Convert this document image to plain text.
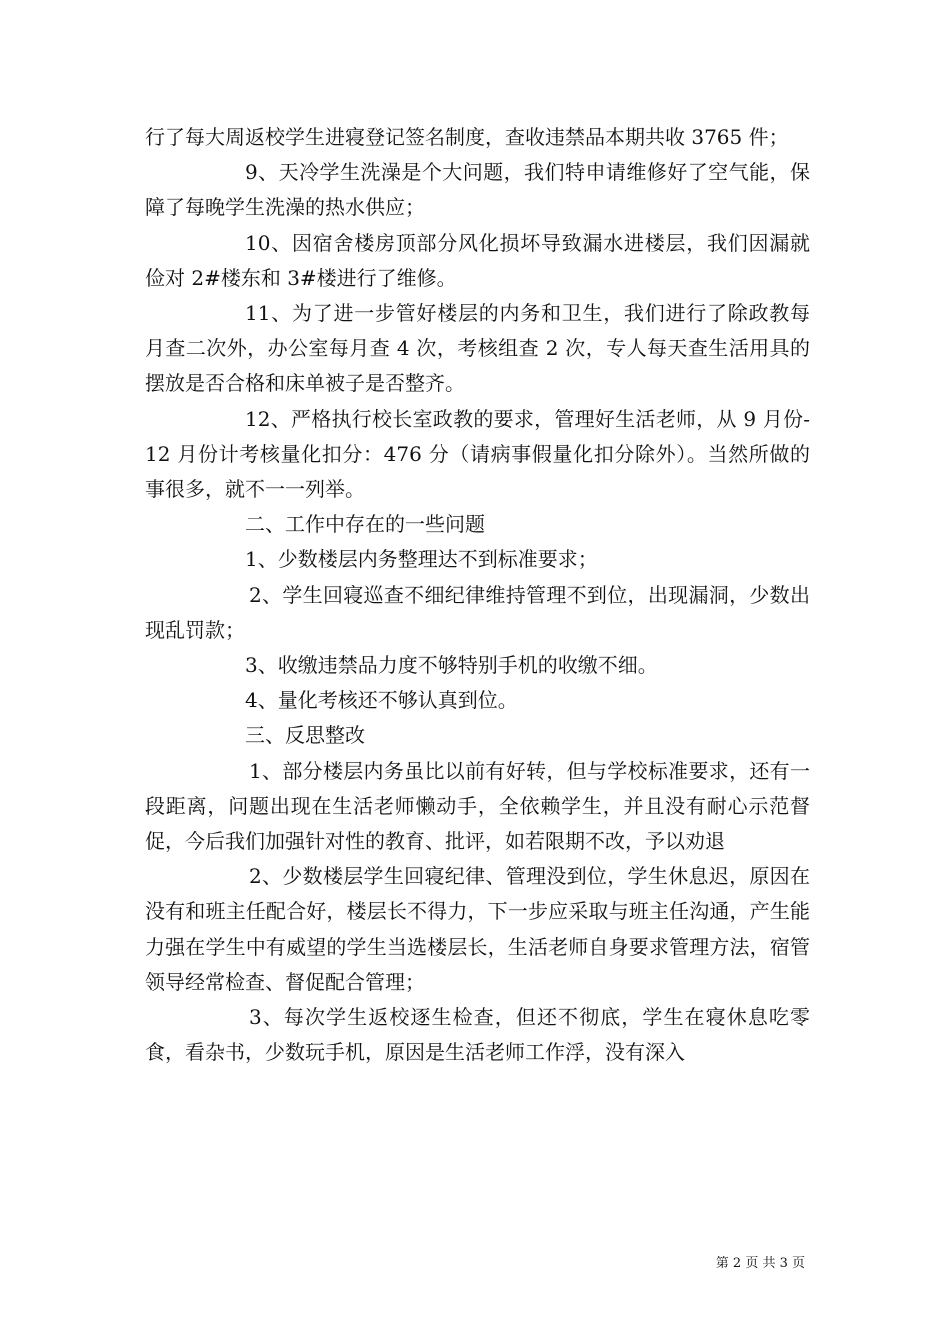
行了每大周返校学生进寝登记签名制度，查收违禁品本期共收 3765 件；

9、天冷学生洗澡是个大问题，我们特申请维修好了空气能，保障了每晚学生洗澡的热水供应；

10、因宿舍楼房顶部分风化损坏导致漏水进楼层，我们因漏就俭对 2#楼东和 3#楼进行了维修。

11、为了进一步管好楼层的内务和卫生，我们进行了除政教每月查二次外，办公室每月查 4 次，考核组查 2 次，专人每天查生活用具的摆放是否合格和床单被子是否整齐。

12、严格执行校长室政教的要求，管理好生活老师，从 9 月份-12 月份计考核量化扣分：476 分（请病事假量化扣分除外）。当然所做的事很多，就不一一列举。

二、工作中存在的一些问题

1、少数楼层内务整理达不到标准要求；

2、学生回寝巡查不细纪律维持管理不到位，出现漏洞，少数出现乱罚款；

3、收缴违禁品力度不够特别手机的收缴不细。

4、量化考核还不够认真到位。

三、反思整改

1、部分楼层内务虽比以前有好转，但与学校标准要求，还有一段距离，问题出现在生活老师懒动手，全依赖学生，并且没有耐心示范督促，今后我们加强针对性的教育、批评，如若限期不改，予以劝退

2、少数楼层学生回寝纪律、管理没到位，学生休息迟，原因在没有和班主任配合好，楼层长不得力，下一步应采取与班主任沟通，产生能力强在学生中有威望的学生当选楼层长，生活老师自身要求管理方法，宿管领导经常检查、督促配合管理；

3、每次学生返校逐生检查，但还不彻底，学生在寝休息吃零食，看杂书，少数玩手机，原因是生活老师工作浮，没有深入

第 2 页 共 3 页
